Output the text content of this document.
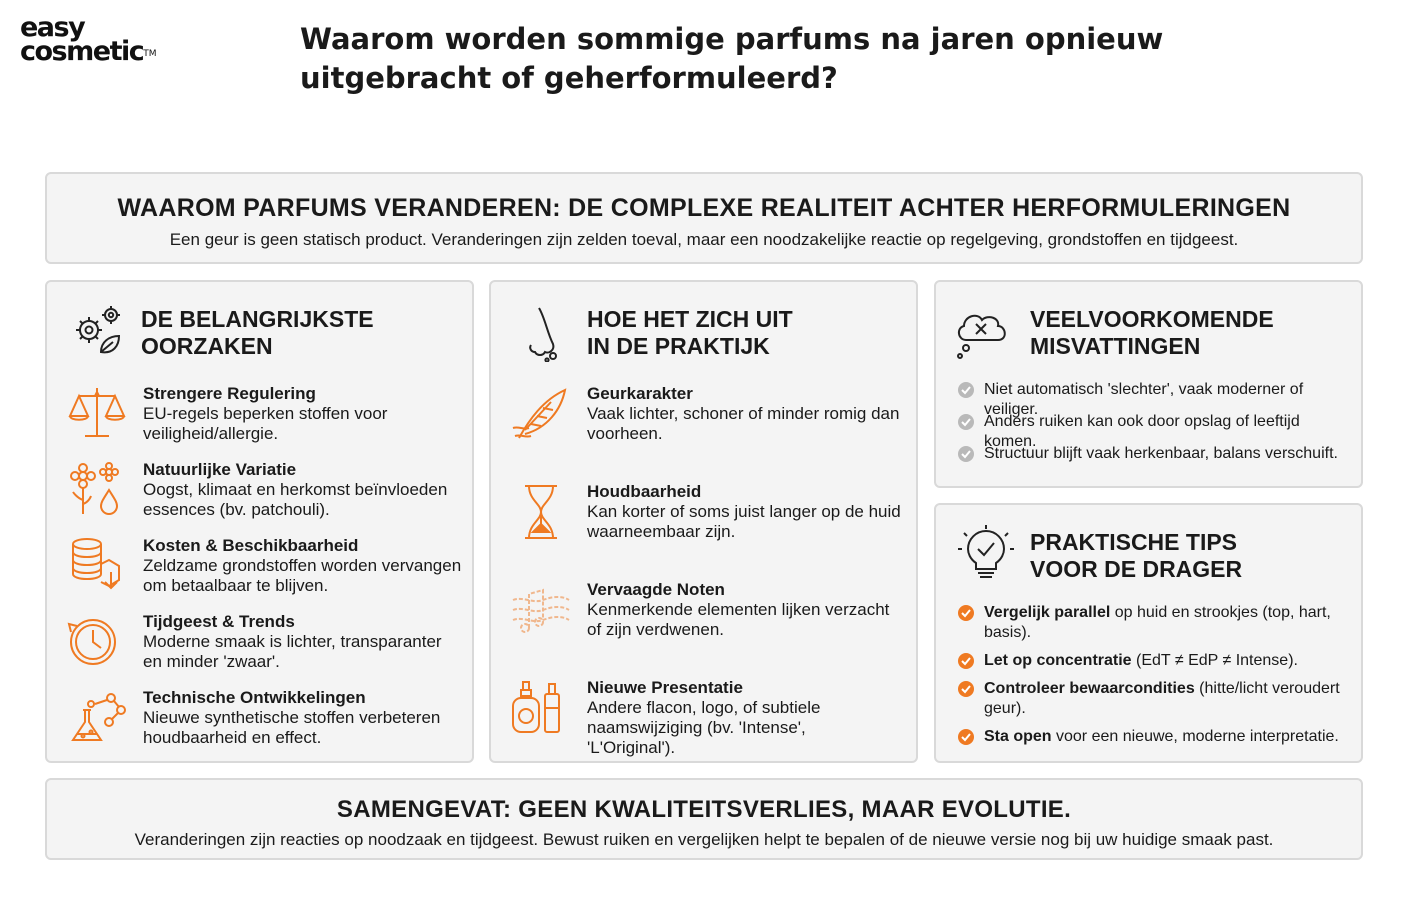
easy
cosmetic™	Waarom worden sommige parfums na jaren opnieuw uitgebracht of geherformuleerd?
WAAROM PARFUMS VERANDEREN: DE COMPLEXE REALITEIT ACHTER HERFORMULERINGEN

Een geur is geen statisch product. Veranderingen zijn zelden toeval, maar een noodzakelijke reactie op regelgeving, grondstoffen en tijdgeest.

DE BELANGRIJKSTE
OORZAKEN
Strengere Regulering
EU-regels beperken stoffen voor veiligheid/allergie.
Natuurlijke Variatie
Oogst, klimaat en herkomst beïnvloeden essences (bv. patchouli).
Kosten & Beschikbaarheid
Zeldzame grondstoffen worden vervangen om betaalbaar te blijven.
Tijdgeest & Trends
Moderne smaak is lichter, transparanter en minder 'zwaar'.
Technische Ontwikkelingen
Nieuwe synthetische stoffen verbeteren houdbaarheid en effect.
HOE HET ZICH UIT
IN DE PRAKTIJK
Geurkarakter
Vaak lichter, schoner of minder romig dan voorheen.
Houdbaarheid
Kan korter of soms juist langer op de huid waarneembaar zijn.
Vervaagde Noten
Kenmerkende elementen lijken verzacht of zijn verdwenen.
Nieuwe Presentatie
Andere flacon, logo, of subtiele naamswijziging (bv. 'Intense', 'L'Original').
VEELVOORKOMENDE
MISVATTINGEN
Niet automatisch 'slechter', vaak moderner of veiliger.
Anders ruiken kan ook door opslag of leeftijd komen.
Structuur blijft vaak herkenbaar, balans verschuift.
PRAKTISCHE TIPS
VOOR DE DRAGER
Vergelijk parallel op huid en strookjes (top, hart, basis).
Let op concentratie (EdT ≠ EdP ≠ Intense).
Controleer bewaarcondities (hitte/licht veroudert geur).
Sta open voor een nieuwe, moderne interpretatie.
SAMENGEVAT: GEEN KWALITEITSVERLIES, MAAR EVOLUTIE.

Veranderingen zijn reacties op noodzaak en tijdgeest. Bewust ruiken en vergelijken helpt te bepalen of de nieuwe versie nog bij uw huidige smaak past.
